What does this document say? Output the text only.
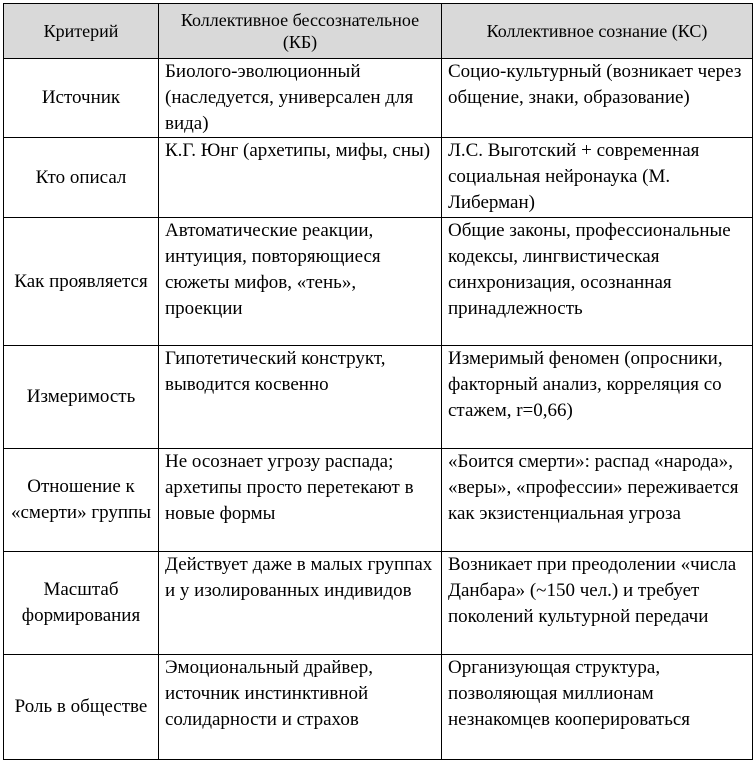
Критерий	Коллективное бессознательное (КБ)	Коллективное сознание (КС)
Источник	Биолого-эволюционный (наследуется, универсален для вида)	Социо-культурный (возникает через общение, знаки, образование)
Кто описал	К.Г. Юнг (архетипы, мифы, сны)	Л.С. Выготский + современная социальная нейронаука (М. Либерман)
Как проявляется	Автоматические реакции, интуиция, повторяющиеся сюжеты мифов, «тень», проекции	Общие законы, профессиональные кодексы, лингвистическая синхронизация, осознанная принадлежность
Измеримость	Гипотетический конструкт, выводится косвенно	Измеримый феномен (опросники, факторный анализ, корреляция со стажем, r=0,66)
Отношение к «смерти» группы	Не осознает угрозу распада; архетипы просто перетекают в новые формы	«Боится смерти»: распад «народа», «веры», «профессии» переживается как экзистенциальная угроза
Масштаб формирования	Действует даже в малых группах и у изолированных индивидов	Возникает при преодолении «числа Данбара» (~150 чел.) и требует поколений культурной передачи
Роль в обществе	Эмоциональный драйвер, источник инстинктивной солидарности и страхов	Организующая структура, позволяющая миллионам незнакомцев кооперироваться
